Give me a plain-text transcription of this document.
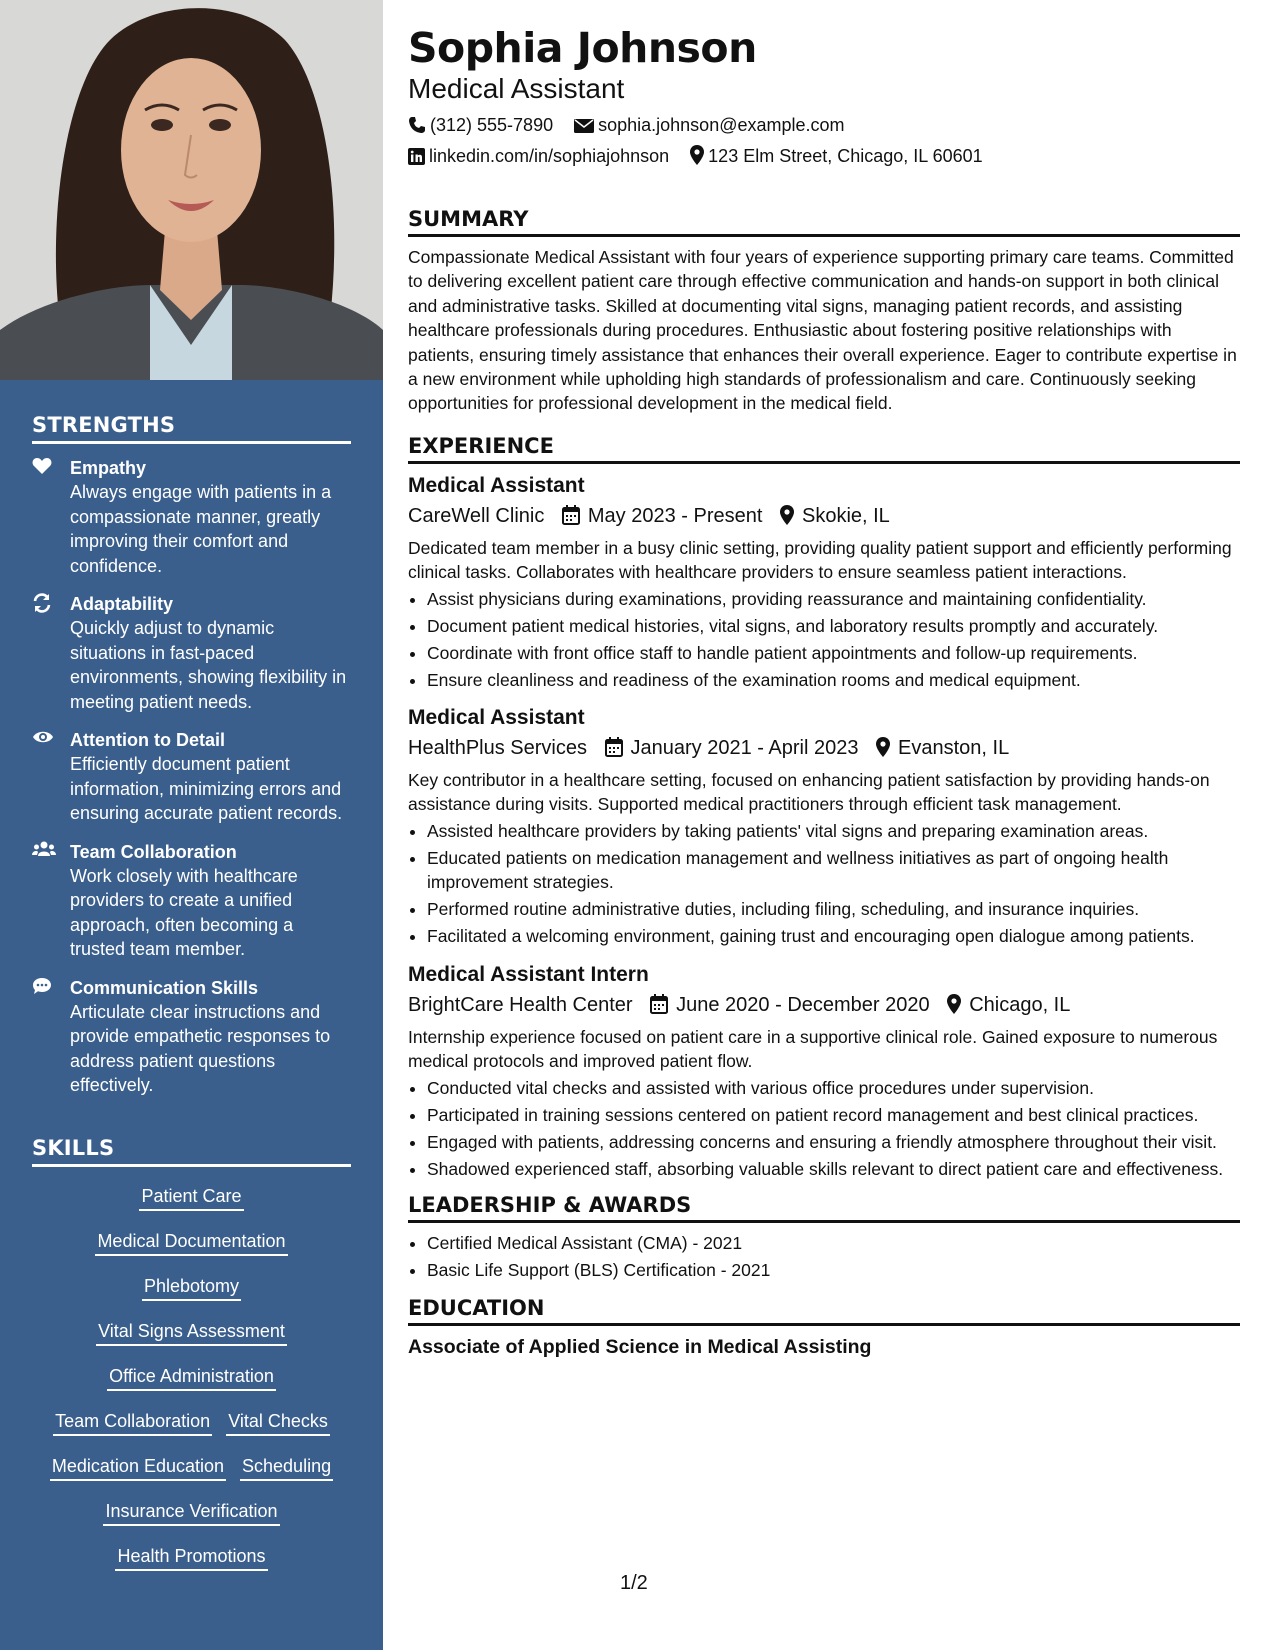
STRENGTHS
Empathy
Always engage with patients in a compassionate manner, greatly improving their comfort and confidence.
Adaptability
Quickly adjust to dynamic situations in fast-paced environments, showing flexibility in meeting patient needs.
Attention to Detail
Efficiently document patient information, minimizing errors and ensuring accurate patient records.
Team Collaboration
Work closely with healthcare providers to create a unified approach, often becoming a trusted team member.
Communication Skills
Articulate clear instructions and provide empathetic responses to address patient questions effectively.
SKILLS
Patient Care
Medical Documentation
Phlebotomy
Vital Signs Assessment
Office Administration
Team Collaboration Vital Checks
Medication Education Scheduling
Insurance Verification
Health Promotions
Sophia Johnson
Medical Assistant
(312) 555-7890	sophia.johnson@example.com
linkedin.com/in/sophiajohnson 123 Elm Street, Chicago, IL 60601
SUMMARY
Compassionate Medical Assistant with four years of experience supporting primary care teams. Committed to delivering excellent patient care through effective communication and hands-on support in both clinical and administrative tasks. Skilled at documenting vital signs, managing patient records, and assisting healthcare professionals during procedures. Enthusiastic about fostering positive relationships with patients, ensuring timely assistance that enhances their overall experience. Eager to contribute expertise in a new environment while upholding high standards of professionalism and care. Continuously seeking opportunities for professional development in the medical field.
EXPERIENCE
Medical Assistant
CareWell Clinic May 2023 - Present Skokie, IL
Dedicated team member in a busy clinic setting, providing quality patient support and efficiently performing clinical tasks. Collaborates with healthcare providers to ensure seamless patient interactions.
• Assist physicians during examinations, providing reassurance and maintaining confidentiality.
• Document patient medical histories, vital signs, and laboratory results promptly and accurately.
• Coordinate with front office staff to handle patient appointments and follow-up requirements.
• Ensure cleanliness and readiness of the examination rooms and medical equipment.
Medical Assistant
HealthPlus Services January 2021 - April 2023 Evanston, IL
Key contributor in a healthcare setting, focused on enhancing patient satisfaction by providing hands-on assistance during visits. Supported medical practitioners through efficient task management.
• Assisted healthcare providers by taking patients' vital signs and preparing examination areas.
• Educated patients on medication management and wellness initiatives as part of ongoing health improvement strategies.
• Performed routine administrative duties, including filing, scheduling, and insurance inquiries.
• Facilitated a welcoming environment, gaining trust and encouraging open dialogue among patients.
Medical Assistant Intern
BrightCare Health Center June 2020 - December 2020 Chicago, IL
Internship experience focused on patient care in a supportive clinical role. Gained exposure to numerous medical protocols and improved patient flow.
• Conducted vital checks and assisted with various office procedures under supervision.
• Participated in training sessions centered on patient record management and best clinical practices.
• Engaged with patients, addressing concerns and ensuring a friendly atmosphere throughout their visit.
• Shadowed experienced staff, absorbing valuable skills relevant to direct patient care and effectiveness.
LEADERSHIP & AWARDS
• Certified Medical Assistant (CMA) - 2021
• Basic Life Support (BLS) Certification - 2021
EDUCATION
Associate of Applied Science in Medical Assisting
1/2
